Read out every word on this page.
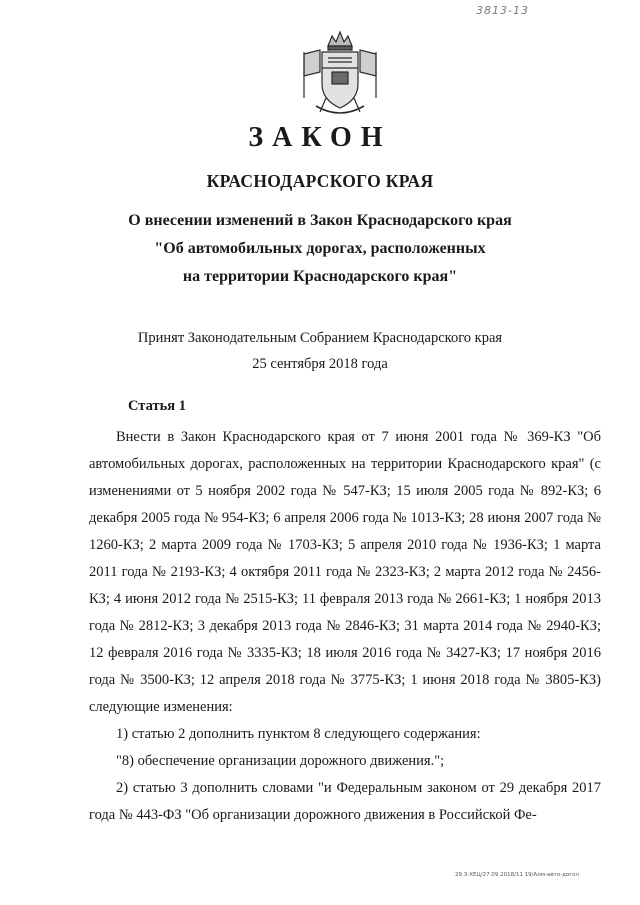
3813-13
ЗАКОН
КРАСНОДАРСКОГО КРАЯ
О внесении изменений в Закон Краснодарского края
"Об автомобильных дорогах, расположенных
на территории Краснодарского края"
Принят Законодательным Собранием Краснодарского края
25 сентября 2018 года
Статья 1

Внести в Закон Краснодарского края от 7 июня 2001 года № 369-КЗ "Об автомобильных дорогах, расположенных на территории Краснодарского края" (с изменениями от 5 ноября 2002 года № 547-КЗ; 15 июля 2005 года № 892-КЗ; 6 декабря 2005 года № 954-КЗ; 6 апреля 2006 года № 1013-КЗ; 28 июня 2007 года № 1260-КЗ; 2 марта 2009 года № 1703-КЗ; 5 апреля 2010 года № 1936-КЗ; 1 марта 2011 года № 2193-КЗ; 4 октября 2011 года № 2323-КЗ; 2 марта 2012 года № 2456-КЗ; 4 июня 2012 года № 2515-КЗ; 11 февраля 2013 года № 2661-КЗ; 1 ноября 2013 года № 2812-КЗ; 3 декабря 2013 года № 2846-КЗ; 31 марта 2014 года № 2940-КЗ; 12 февраля 2016 года № 3335-КЗ; 18 июля 2016 года № 3427-КЗ; 17 ноября 2016 года № 3500-КЗ; 12 апреля 2018 года № 3775-КЗ; 1 июня 2018 года № 3805-КЗ) следующие изменения:

1) статью 2 дополнить пунктом 8 следующего содержания:

"8) обеспечение организации дорожного движения.";

2) статью 3 дополнить словами "и Федеральным законом от 29 декабря 2017 года № 443-ФЗ "Об организации дорожного движения в Российской Фе-

29.3-ХЕЦ/27.09.2018/11 19/Алм-авто-догол
